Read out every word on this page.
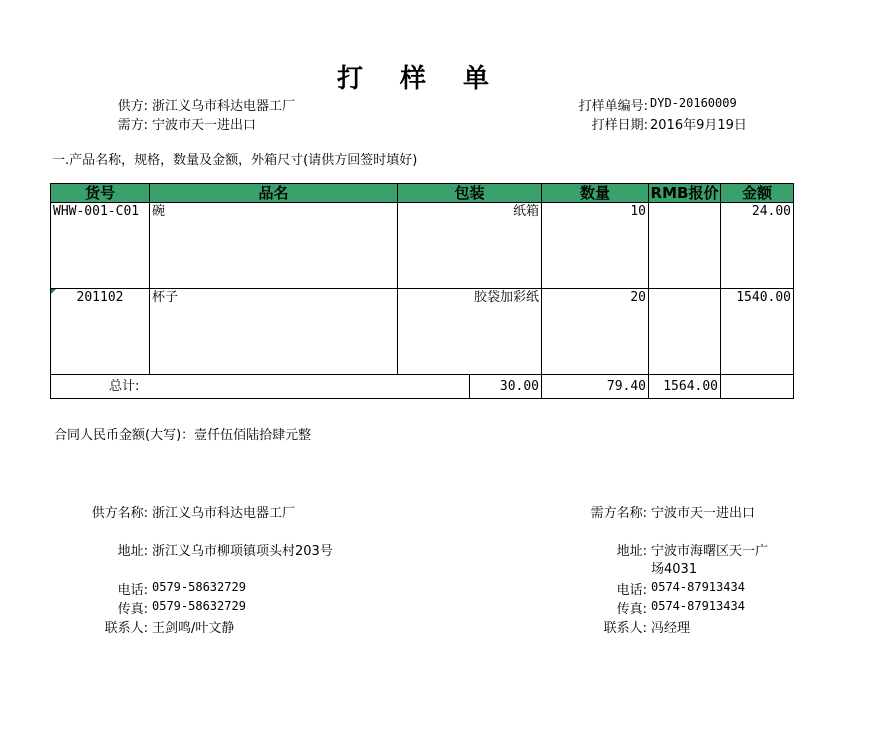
打 样 单
供方: 浙江义乌市科达电器工厂
需方: 宁波市天一进出口
打样单编号: DYD-20160009
打样日期: 2016年9月19日
一.产品名称，规格，数量及金额，外箱尺寸(请供方回签时填好)
货号	品名	包装		数量	RMB报价	金额
WHW-001-C01	碗	纸箱		10		24.00

201102	杯子	胶袋加彩纸		20		1540.00
总计:			30.00	79.40	1564.00	
合同人民币金额(大写)：壹仟伍佰陆拾肆元整
供方名称: 浙江义乌市科达电器工厂
地址: 浙江义乌市柳项镇项头村203号
电话: 0579-58632729
传真: 0579-58632729
联系人: 王剑鸣/叶文静
需方名称: 宁波市天一进出口
地址: 宁波市海曙区天一广
场4031
电话: 0574-87913434
传真: 0574-87913434
联系人: 冯经理
